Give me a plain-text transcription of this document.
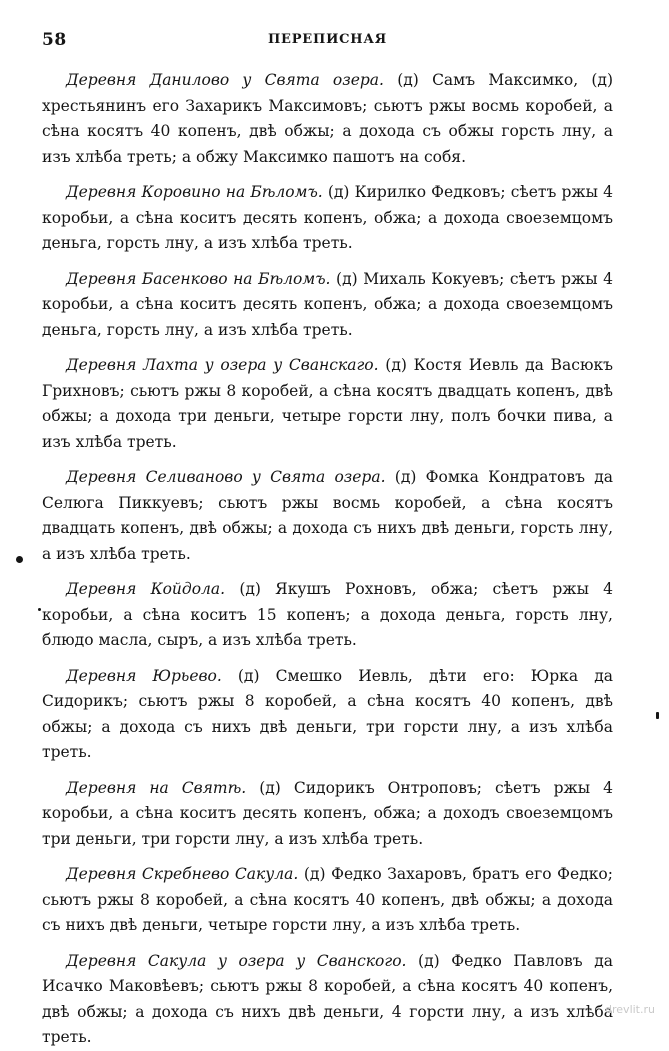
58	ПЕРЕПИСНАЯ

Деревня Данилово у Свята озера. (д) Самъ Максимко, (д) хрестьянинъ его Захарикъ Максимовъ; сьютъ ржы восмь коробей, а сѣна косятъ 40 копенъ, двѣ обжы; а дохода съ обжы горсть лну, а изъ хлѣба треть; а обжу Максимко пашотъ на собя.

Деревня Коровино на Бѣломъ. (д) Кирилко Федковъ; сѣетъ ржы 4 коробьи, а сѣна коситъ десять копенъ, обжа; а дохода своеземцомъ деньга, горсть лну, а изъ хлѣба треть.

Деревня Басенково на Бѣломъ. (д) Михаль Кокуевъ; сѣетъ ржы 4 коробьи, а сѣна коситъ десять копенъ, обжа; а дохода своеземцомъ деньга, горсть лну, а изъ хлѣба треть.

Деревня Лахта у озера у Сванскаго. (д) Костя Иевль да Васюкъ Грихновъ; сьютъ ржы 8 коробей, а сѣна косятъ двадцать копенъ, двѣ обжы; а дохода три деньги, четыре горсти лну, полъ бочки пива, а изъ хлѣба треть.

Деревня Селиваново у Свята озера. (д) Фомка Кондратовъ да Селюга Пиккуевъ; сьютъ ржы восмь коробей, а сѣна косятъ двадцать копенъ, двѣ обжы; а дохода съ нихъ двѣ деньги, горсть лну, а изъ хлѣба треть.

Деревня Койдола. (д) Якушъ Рохновъ, обжа; сѣетъ ржы 4 коробьи, а сѣна коситъ 15 копенъ; а дохода деньга, горсть лну, блюдо масла, сыръ, а изъ хлѣба треть.

Деревня Юрьево. (д) Смешко Иевль, дѣти его: Юрка да Сидорикъ; сьютъ ржы 8 коробей, а сѣна косятъ 40 копенъ, двѣ обжы; а дохода съ нихъ двѣ деньги, три горсти лну, а изъ хлѣба треть.

Деревня на Святѣ. (д) Сидорикъ Онтроповъ; сѣетъ ржы 4 коробьи, а сѣна коситъ десять копенъ, обжа; а доходъ своеземцомъ три деньги, три горсти лну, а изъ хлѣба треть.

Деревня Скребнево Сакула. (д) Федко Захаровъ, братъ его Федко; сьютъ ржы 8 коробей, а сѣна косятъ 40 копенъ, двѣ обжы; а дохода съ нихъ двѣ деньги, четыре горсти лну, а изъ хлѣба треть.

Деревня Сакула у озера у Сванского. (д) Федко Павловъ да Исачко Маковѣевъ; сьютъ ржы 8 коробей, а сѣна косятъ 40 копенъ, двѣ обжы; а дохода съ нихъ двѣ деньги, 4 горсти лну, а изъ хлѣба треть.

drevlit.ru
